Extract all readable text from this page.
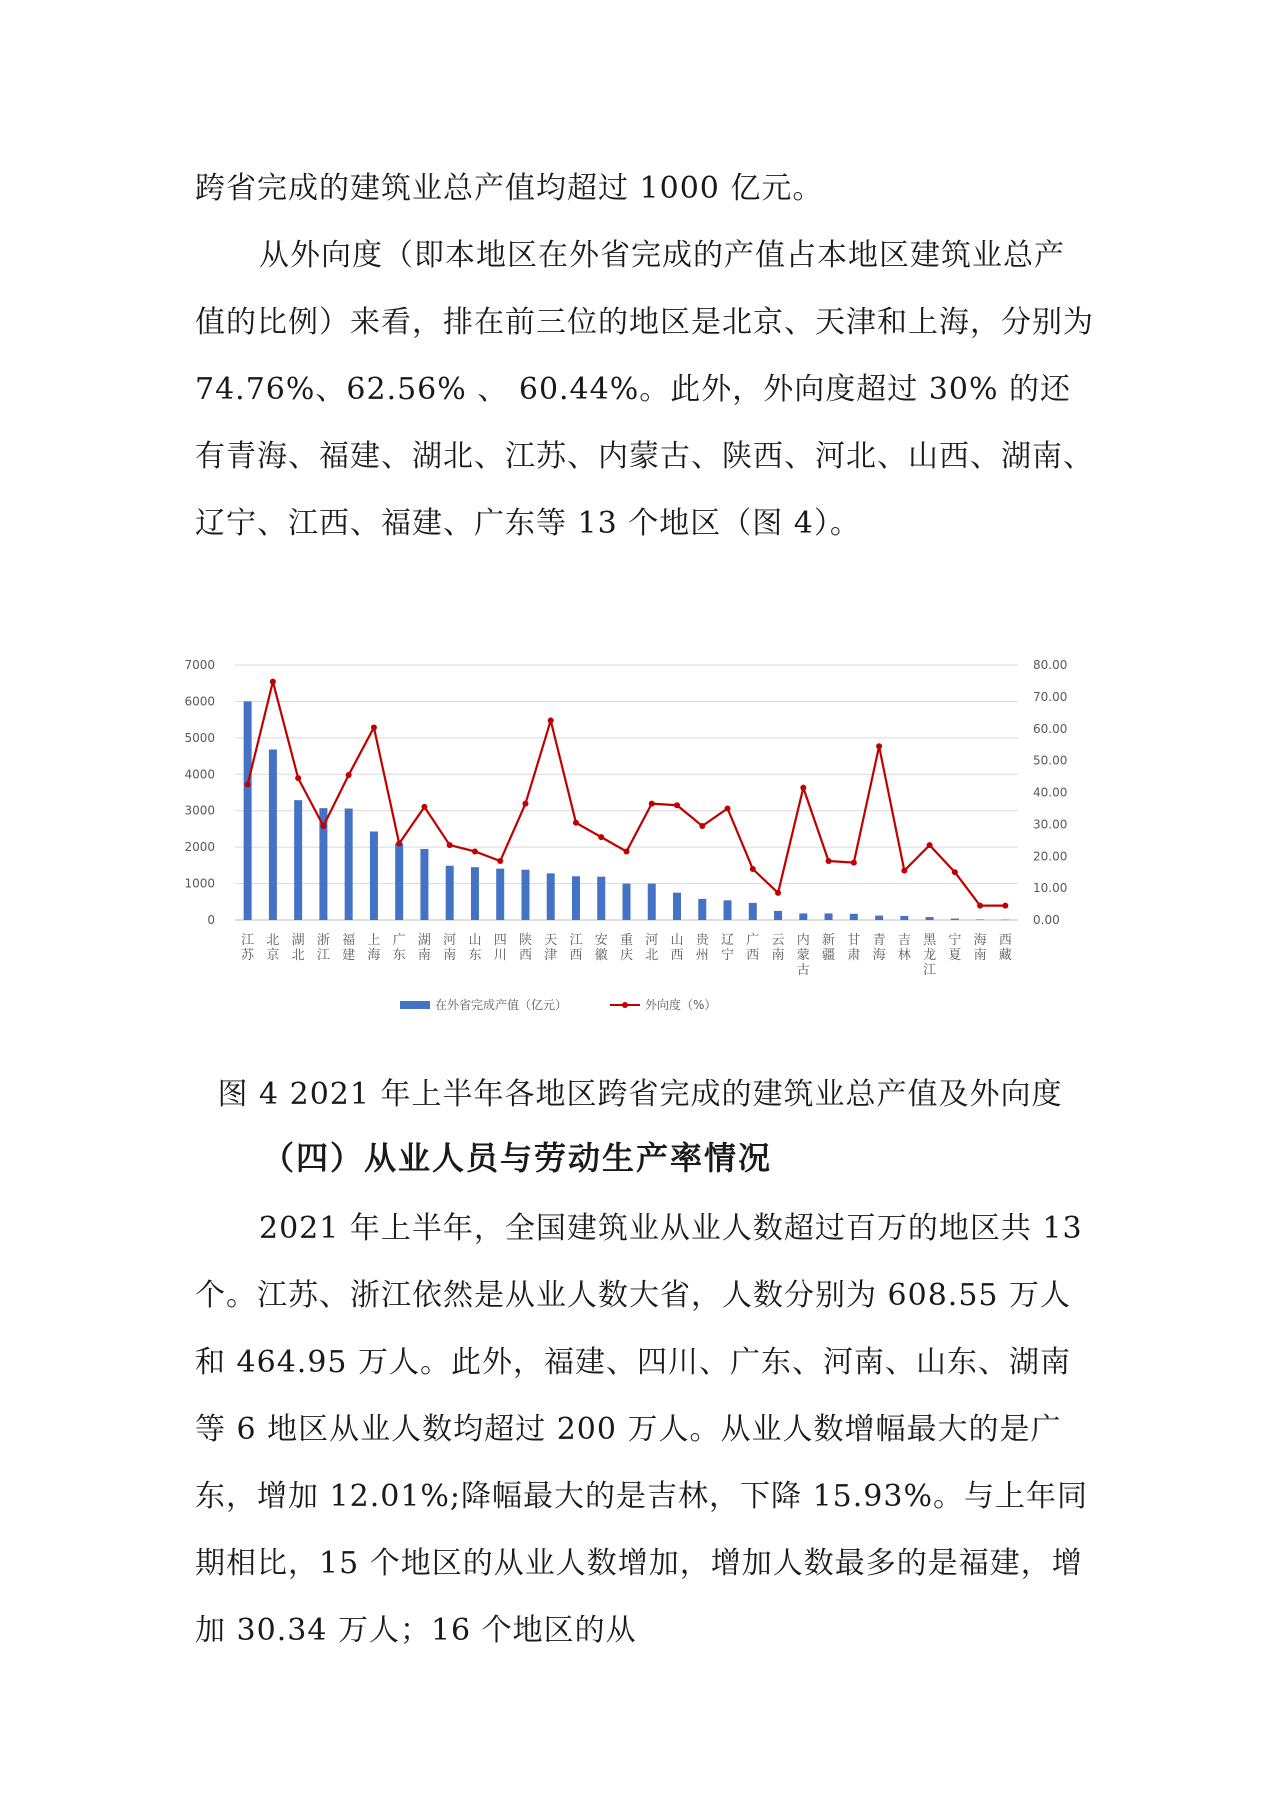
跨省完成的建筑业总产值均超过 1000 亿元。

从外向度（即本地区在外省完成的产值占本地区建筑业总产值的比例）来看，排在前三位的地区是北京、天津和上海，分别为 74.76%、62.56% 、 60.44%。此外，外向度超过 30% 的还有青海、福建、湖北、江苏、内蒙古、陕西、河北、山西、湖南、辽宁、江西、福建、广东等 13 个地区（图 4）。

0
1000
2000
3000
4000
5000
6000
7000
0.00
10.00
20.00
30.00
40.00
50.00
60.00
70.00
80.00
江苏
北京
湖北
浙江
福建
上海
广东
湖南
河南
山东
四川
陕西
天津
江西
安徽
重庆
河北
山西
贵州
辽宁
广西
云南
内蒙古
新疆
甘肃
青海
吉林
黑龙江
宁夏
海南
西藏
在外省完成产值（亿元）	外向度（%）
图 4 2021 年上半年各地区跨省完成的建筑业总产值及外向度
（四）从业人员与劳动生产率情况

2021 年上半年，全国建筑业从业人数超过百万的地区共 13 个。江苏、浙江依然是从业人数大省，人数分别为 608.55 万人和 464.95 万人。此外，福建、四川、广东、河南、山东、湖南等 6 地区从业人数均超过 200 万人。从业人数增幅最大的是广东，增加 12.01%;降幅最大的是吉林，下降 15.93%。与上年同期相比，15 个地区的从业人数增加，增加人数最多的是福建，增加 30.34 万人；16 个地区的从
